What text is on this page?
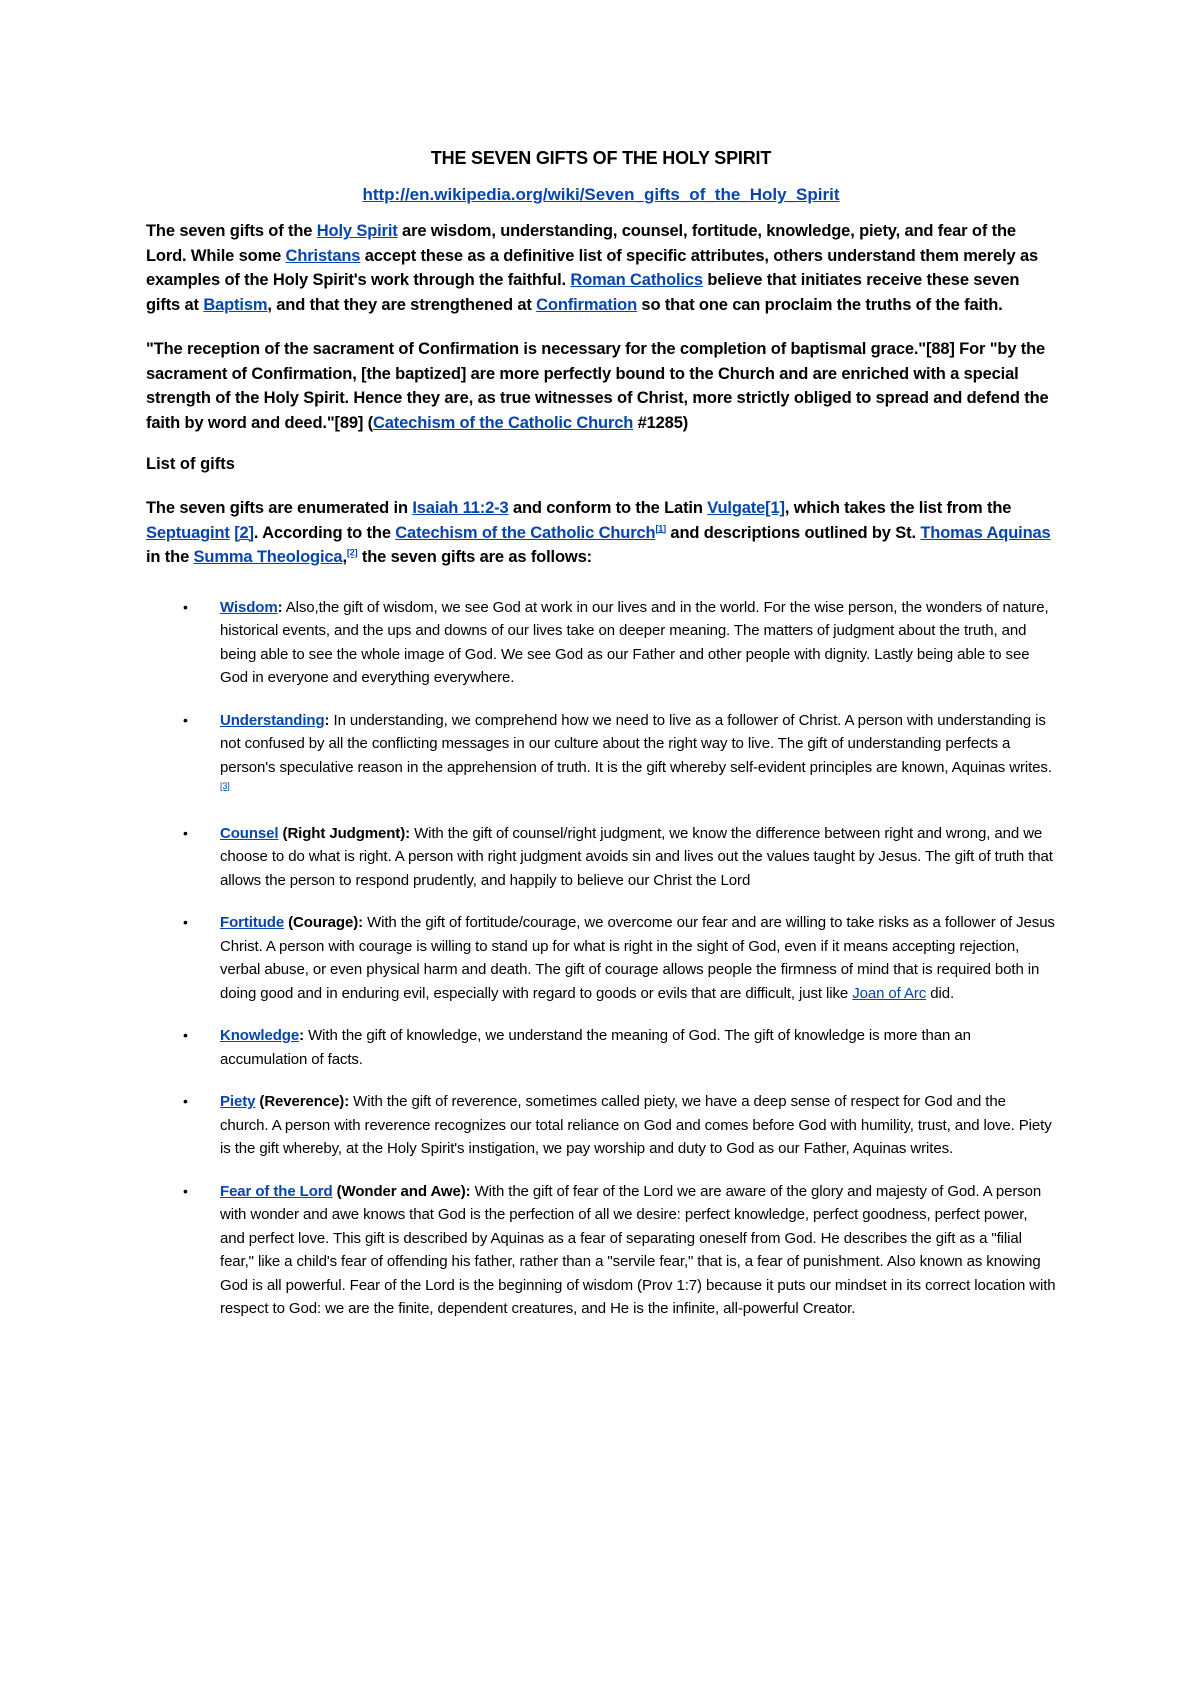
THE SEVEN GIFTS OF THE HOLY SPIRIT
http://en.wikipedia.org/wiki/Seven_gifts_of_the_Holy_Spirit

The seven gifts of the Holy Spirit are wisdom, understanding, counsel, fortitude, knowledge, piety, and fear of the Lord. While some Christans accept these as a definitive list of specific attributes, others understand them merely as examples of the Holy Spirit's work through the faithful. Roman Catholics believe that initiates receive these seven gifts at Baptism, and that they are strengthened at Confirmation so that one can proclaim the truths of the faith.

"The reception of the sacrament of Confirmation is necessary for the completion of baptismal grace."[88] For "by the sacrament of Confirmation, [the baptized] are more perfectly bound to the Church and are enriched with a special strength of the Holy Spirit. Hence they are, as true witnesses of Christ, more strictly obliged to spread and defend the faith by word and deed."[89] (Catechism of the Catholic Church #1285)

List of gifts

The seven gifts are enumerated in Isaiah 11:2-3 and conform to the Latin Vulgate[1], which takes the list from the Septuagint [2]. According to the Catechism of the Catholic Church[1] and descriptions outlined by St. Thomas Aquinas in the Summa Theologica,[2] the seven gifts are as follows:

• Wisdom: Also,the gift of wisdom, we see God at work in our lives and in the world. For the wise person, the wonders of nature, historical events, and the ups and downs of our lives take on deeper meaning. The matters of judgment about the truth, and being able to see the whole image of God. We see God as our Father and other people with dignity. Lastly being able to see God in everyone and everything everywhere.
• Understanding: In understanding, we comprehend how we need to live as a follower of Christ. A person with understanding is not confused by all the conflicting messages in our culture about the right way to live. The gift of understanding perfects a person's speculative reason in the apprehension of truth. It is the gift whereby self-evident principles are known, Aquinas writes.[3]
• Counsel (Right Judgment): With the gift of counsel/right judgment, we know the difference between right and wrong, and we choose to do what is right. A person with right judgment avoids sin and lives out the values taught by Jesus. The gift of truth that allows the person to respond prudently, and happily to believe our Christ the Lord
• Fortitude (Courage): With the gift of fortitude/courage, we overcome our fear and are willing to take risks as a follower of Jesus Christ. A person with courage is willing to stand up for what is right in the sight of God, even if it means accepting rejection, verbal abuse, or even physical harm and death. The gift of courage allows people the firmness of mind that is required both in doing good and in enduring evil, especially with regard to goods or evils that are difficult, just like Joan of Arc did.
• Knowledge: With the gift of knowledge, we understand the meaning of God. The gift of knowledge is more than an accumulation of facts.
• Piety (Reverence): With the gift of reverence, sometimes called piety, we have a deep sense of respect for God and the church. A person with reverence recognizes our total reliance on God and comes before God with humility, trust, and love. Piety is the gift whereby, at the Holy Spirit's instigation, we pay worship and duty to God as our Father, Aquinas writes.
• Fear of the Lord (Wonder and Awe): With the gift of fear of the Lord we are aware of the glory and majesty of God. A person with wonder and awe knows that God is the perfection of all we desire: perfect knowledge, perfect goodness, perfect power, and perfect love. This gift is described by Aquinas as a fear of separating oneself from God. He describes the gift as a "filial fear," like a child's fear of offending his father, rather than a "servile fear," that is, a fear of punishment. Also known as knowing God is all powerful. Fear of the Lord is the beginning of wisdom (Prov 1:7) because it puts our mindset in its correct location with respect to God: we are the finite, dependent creatures, and He is the infinite, all-powerful Creator.
